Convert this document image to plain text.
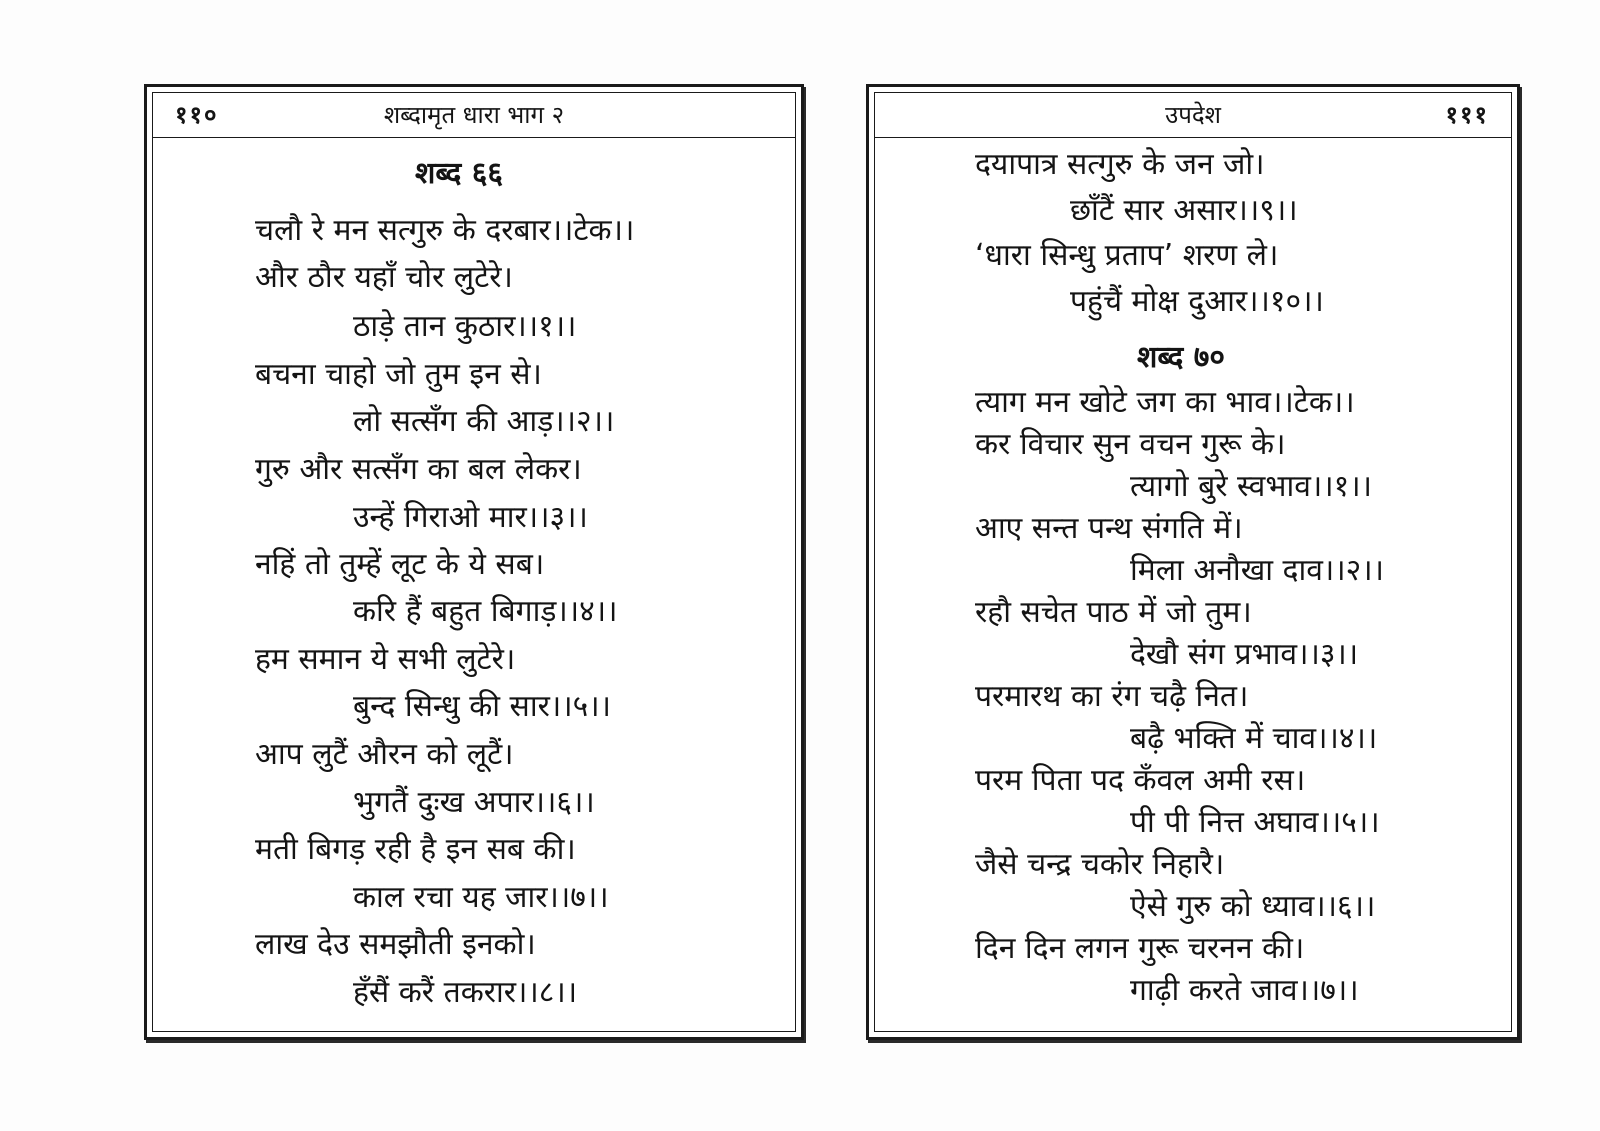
११०	शब्दामृत धारा भाग २
शब्द ६६
चलौ रे मन सत्गुरु के दरबार।।टेक।।
और ठौर यहाँ चोर लुटेरे।
ठाड़े तान कुठार।।१।।
बचना चाहो जो तुम इन से।
लो सत्सँग की आड़।।२।।
गुरु और सत्सँग का बल लेकर।
उन्हें गिराओ मार।।३।।
नहिं तो तुम्हें लूट के ये सब।
करि हैं बहुत बिगाड़।।४।।
हम समान ये सभी लुटेरे।
बुन्द सिन्धु की सार।।५।।
आप लुटैं औरन को लूटैं।
भुगतैं दुःख अपार।।६।।
मती बिगड़ रही है इन सब की।
काल रचा यह जार।।७।।
लाख देउ समझौती इनको।
हँसैं करैं तकरार।।८।।
उपदेश	१११
दयापात्र सत्गुरु के जन जो।
छाँटैं सार असार।।९।।
‘धारा सिन्धु प्रताप’ शरण ले।
पहुंचैं मोक्ष दुआर।।१०।।
शब्द ७०
त्याग मन खोटे जग का भाव।।टेक।।
कर विचार सुन वचन गुरू के।
त्यागो बुरे स्वभाव।।१।।
आए सन्त पन्थ संगति में।
मिला अनौखा दाव।।२।।
रहौ सचेत पाठ में जो तुम।
देखौ संग प्रभाव।।३।।
परमारथ का रंग चढ़ै नित।
बढ़ै भक्ति में चाव।।४।।
परम पिता पद कँवल अमी रस।
पी पी नित्त अघाव।।५।।
जैसे चन्द्र चकोर निहारै।
ऐसे गुरु को ध्याव।।६।।
दिन दिन लगन गुरू चरनन की।
गाढ़ी करते जाव।।७।।
